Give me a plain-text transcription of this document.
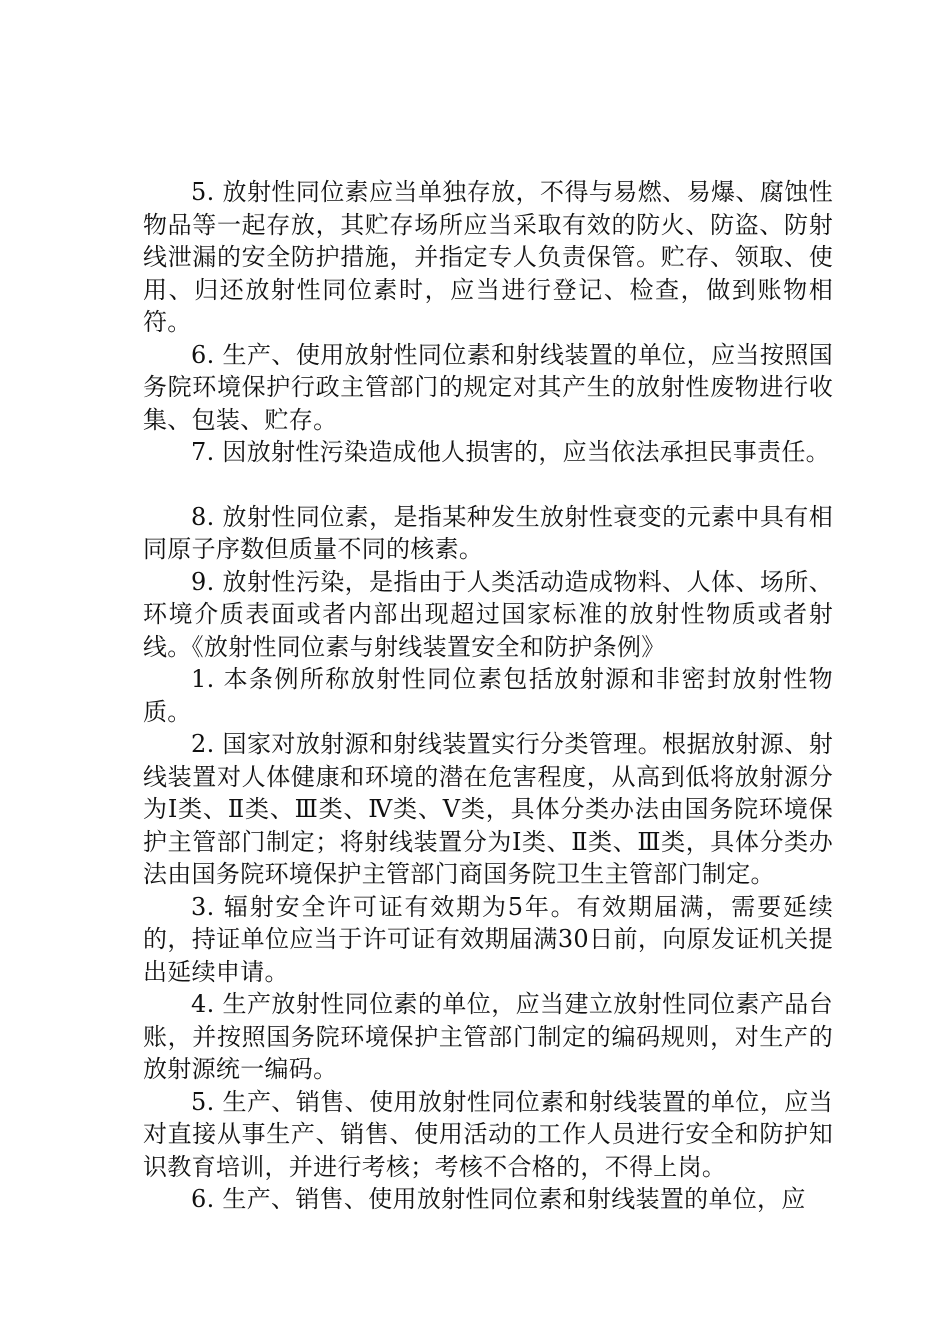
5. 放射性同位素应当单独存放，不得与易燃、易爆、腐蚀性物品等一起存放，其贮存场所应当采取有效的防火、防盗、防射线泄漏的安全防护措施，并指定专人负责保管。贮存、领取、使用、归还放射性同位素时，应当进行登记、检查，做到账物相符。

6. 生产、使用放射性同位素和射线装置的单位，应当按照国务院环境保护行政主管部门的规定对其产生的放射性废物进行收集、包装、贮存。

7. 因放射性污染造成他人损害的，应当依法承担民事责任。

8. 放射性同位素，是指某种发生放射性衰变的元素中具有相同原子序数但质量不同的核素。

9. 放射性污染，是指由于人类活动造成物料、人体、场所、环境介质表面或者内部出现超过国家标准的放射性物质或者射线。《放射性同位素与射线装置安全和防护条例》

1. 本条例所称放射性同位素包括放射源和非密封放射性物质。

2. 国家对放射源和射线装置实行分类管理。根据放射源、射线装置对人体健康和环境的潜在危害程度，从高到低将放射源分为Ⅰ类、Ⅱ类、Ⅲ类、Ⅳ类、Ⅴ类，具体分类办法由国务院环境保护主管部门制定；将射线装置分为Ⅰ类、Ⅱ类、Ⅲ类，具体分类办法由国务院环境保护主管部门商国务院卫生主管部门制定。

3. 辐射安全许可证有效期为5年。有效期届满，需要延续的，持证单位应当于许可证有效期届满30日前，向原发证机关提出延续申请。

4. 生产放射性同位素的单位，应当建立放射性同位素产品台账，并按照国务院环境保护主管部门制定的编码规则，对生产的放射源统一编码。

5. 生产、销售、使用放射性同位素和射线装置的单位，应当对直接从事生产、销售、使用活动的工作人员进行安全和防护知识教育培训，并进行考核；考核不合格的，不得上岗。

6. 生产、销售、使用放射性同位素和射线装置的单位，应
